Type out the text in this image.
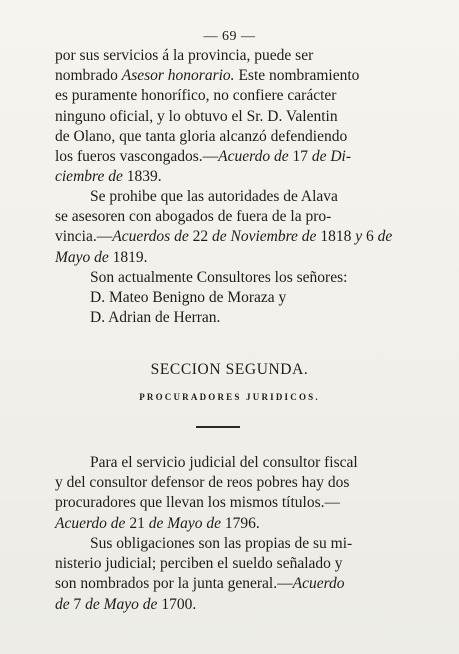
— 69 —
por sus servicios á la provincia, puede ser
nombrado Asesor honorario. Este nombramiento
es puramente honorífico, no confiere carácter
ninguno oficial, y lo obtuvo el Sr. D. Valentin
de Olano, que tanta gloria alcanzó defendiendo
los fueros vascongados.—Acuerdo de 17 de Di-
ciembre de 1839.
Se prohibe que las autoridades de Alava
se asesoren con abogados de fuera de la pro-
vincia.—Acuerdos de 22 de Noviembre de 1818 y 6 de
Mayo de 1819.
Son actualmente Consultores los señores:
D. Mateo Benigno de Moraza y
D. Adrian de Herran.
SECCION SEGUNDA.
PROCURADORES JURIDICOS.
Para el servicio judicial del consultor fiscal
y del consultor defensor de reos pobres hay dos
procuradores que llevan los mismos títulos.—
Acuerdo de 21 de Mayo de 1796.
Sus obligaciones son las propias de su mi-
nisterio judicial; perciben el sueldo señalado y
son nombrados por la junta general.—Acuerdo
de 7 de Mayo de 1700.
